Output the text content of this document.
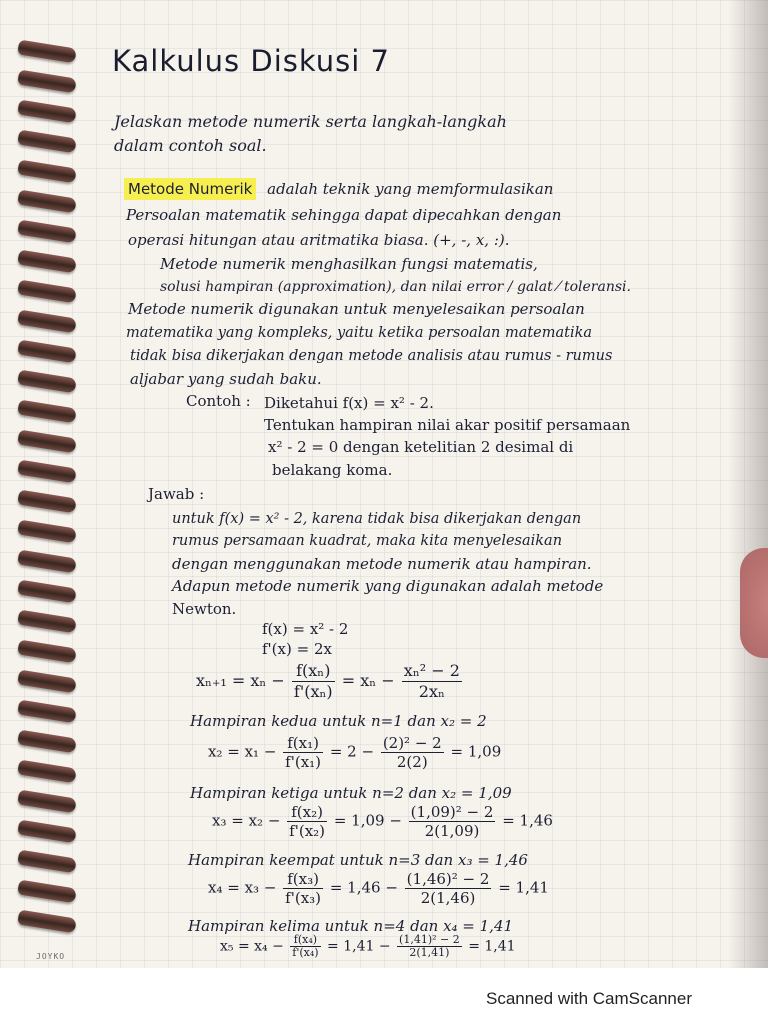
Kalkulus Diskusi 7
Jelaskan metode numerik serta langkah-langkah
dalam contoh soal.
Metode Numerik adalah teknik yang memformulasikan
Persoalan matematik sehingga dapat dipecahkan dengan
operasi hitungan atau aritmatika biasa. (+, -, x, :).
Metode numerik menghasilkan fungsi matematis,
solusi hampiran (approximation), dan nilai error / galat ⁄ toleransi.
Metode numerik digunakan untuk menyelesaikan persoalan
matematika yang kompleks, yaitu ketika persoalan matematika
tidak bisa dikerjakan dengan metode analisis atau rumus - rumus
aljabar yang sudah baku.
Contoh : Diketahui f(x) = x² - 2.
Tentukan hampiran nilai akar positif persamaan
x² - 2 = 0 dengan ketelitian 2 desimal di
belakang koma.
Jawab :
untuk f(x) = x² - 2, karena tidak bisa dikerjakan dengan
rumus persamaan kuadrat, maka kita menyelesaikan
dengan menggunakan metode numerik atau hampiran.
Adapun metode numerik yang digunakan adalah metode
Newton.
f(x) = x² - 2
f'(x) = 2x
$x_{n+1} = x_n - \frac{\text{f(xₙ)}}{\text{f'(xₙ)}} = x_n - \frac{\text{xₙ² − 2}}{\text{2xₙ}}$
Hampiran kedua untuk n=1 dan x₂ = 2
$x_2 = x_1 - \frac{\text{f(x₁)}}{\text{f'(x₁)}} = 2 - \frac{\text{(2)² − 2}}{2(2)} = 1,09$
Hampiran ketiga untuk n=2 dan x₂ = 1,09
$x_3 = x_2 - \frac{\text{f(x₂)}}{\text{f'(x₂)}} = 1,09 - \frac{\text{(1,09)² − 2}}{2(1,09)} = 1,46$
Hampiran keempat untuk n=3 dan x₃ = 1,46
$x_4 = x_3 - \frac{\text{f(x₃)}}{\text{f'(x₃)}} = 1,46 - \frac{\text{(1,46)² − 2}}{2(1,46)} = 1,41$
Hampiran kelima untuk n=4 dan x₄ = 1,41
$x_5 = x_4 - \frac{\text{f(x₄)}}{\text{f'(x₄)}} = 1,41 - \frac{\text{(1,41)² − 2}}{2(1,41)} = 1,41$
JOYKO
Scanned with CamScanner
